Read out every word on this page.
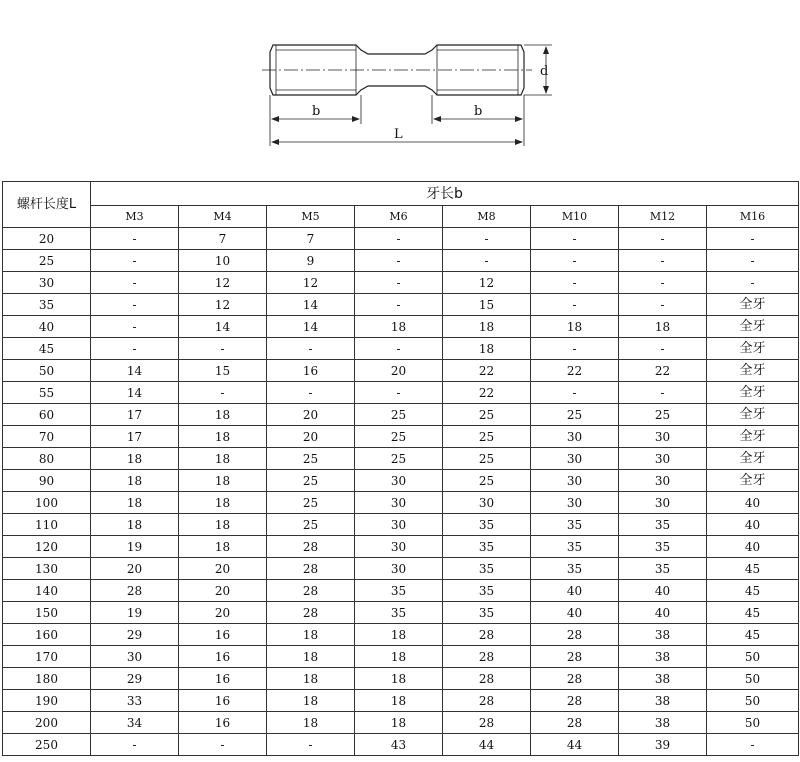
d
b	b
L
螺杆长度L	牙长b							
	M3	M4	M5	M6	M8	M10	M12	M16
20	-	7	7	-	-	-	-	-
25	-	10	9	-	-	-	-	-
30	-	12	12	-	12	-	-	-
35	-	12	14	-	15	-	-	全牙
40	-	14	14	18	18	18	18	全牙
45	-	-	-	-	18	-	-	全牙
50	14	15	16	20	22	22	22	全牙
55	14	-	-	-	22	-	-	全牙
60	17	18	20	25	25	25	25	全牙
70	17	18	20	25	25	30	30	全牙
80	18	18	25	25	25	30	30	全牙
90	18	18	25	30	25	30	30	全牙
100	18	18	25	30	30	30	30	40
110	18	18	25	30	35	35	35	40
120	19	18	28	30	35	35	35	40
130	20	20	28	30	35	35	35	45
140	28	20	28	35	35	40	40	45
150	19	20	28	35	35	40	40	45
160	29	16	18	18	28	28	38	45
170	30	16	18	18	28	28	38	50
180	29	16	18	18	28	28	38	50
190	33	16	18	18	28	28	38	50
200	34	16	18	18	28	28	38	50
250	-	-	-	43	44	44	39	-
